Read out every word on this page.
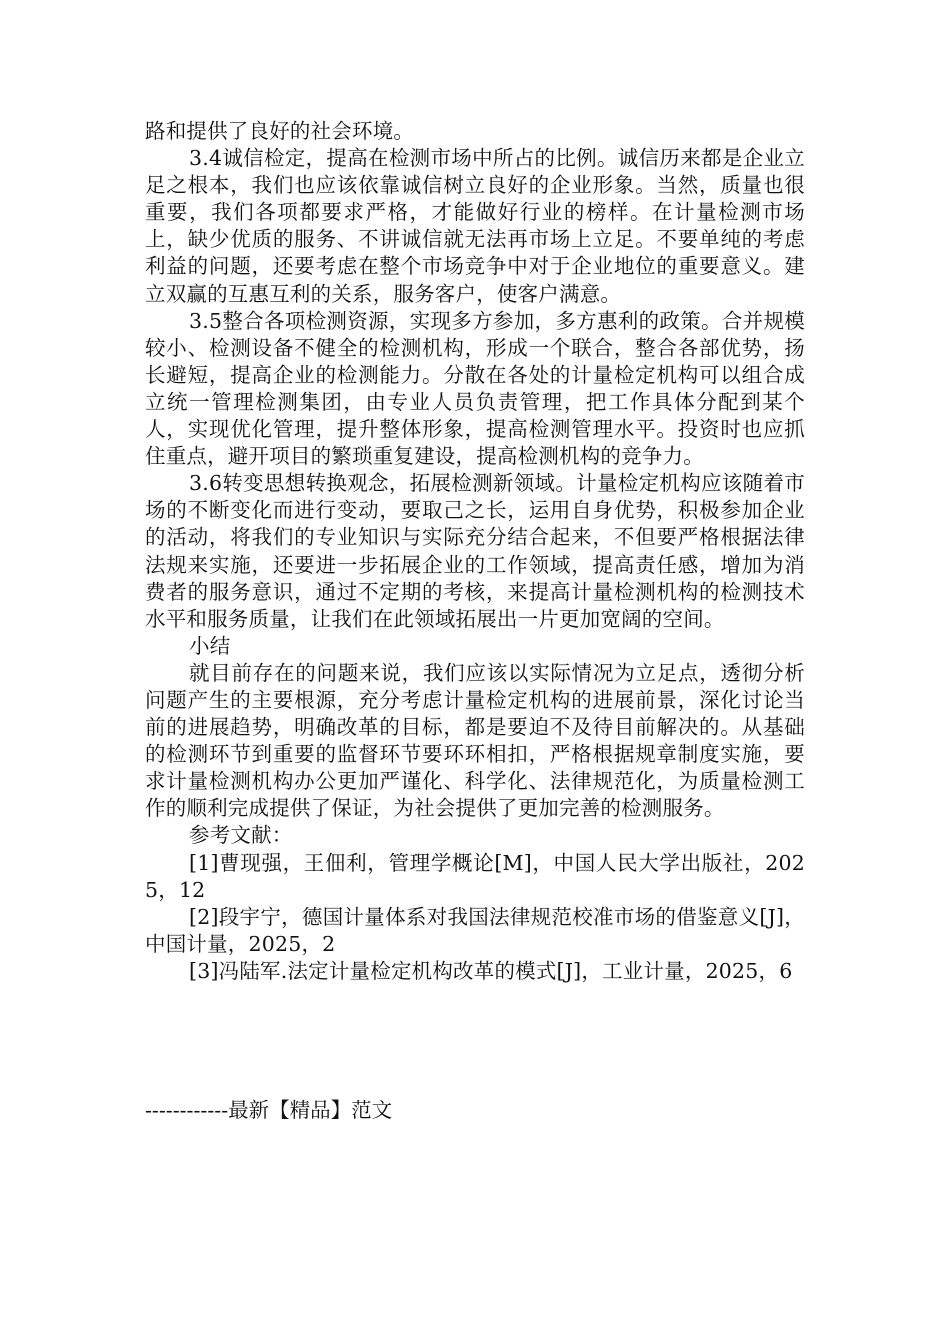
路和提供了良好的社会环境。

3.4诚信检定，提高在检测市场中所占的比例。诚信历来都是企业立足之根本，我们也应该依靠诚信树立良好的企业形象。当然，质量也很重要，我们各项都要求严格，才能做好行业的榜样。在计量检测市场上，缺少优质的服务、不讲诚信就无法再市场上立足。不要单纯的考虑利益的问题，还要考虑在整个市场竞争中对于企业地位的重要意义。建立双赢的互惠互利的关系，服务客户，使客户满意。

3.5整合各项检测资源，实现多方参加，多方惠利的政策。合并规模较小、检测设备不健全的检测机构，形成一个联合，整合各部优势，扬长避短，提高企业的检测能力。分散在各处的计量检定机构可以组合成立统一管理检测集团，由专业人员负责管理，把工作具体分配到某个人，实现优化管理，提升整体形象，提高检测管理水平。投资时也应抓住重点，避开项目的繁琐重复建设，提高检测机构的竞争力。

3.6转变思想转换观念，拓展检测新领域。计量检定机构应该随着市场的不断变化而进行变动，要取己之长，运用自身优势，积极参加企业的活动，将我们的专业知识与实际充分结合起来，不但要严格根据法律法规来实施，还要进一步拓展企业的工作领域，提高责任感，增加为消费者的服务意识，通过不定期的考核，来提高计量检测机构的检测技术水平和服务质量，让我们在此领域拓展出一片更加宽阔的空间。

小结

就目前存在的问题来说，我们应该以实际情况为立足点，透彻分析问题产生的主要根源，充分考虑计量检定机构的进展前景，深化讨论当前的进展趋势，明确改革的目标，都是要迫不及待目前解决的。从基础的检测环节到重要的监督环节要环环相扣，严格根据规章制度实施，要求计量检测机构办公更加严谨化、科学化、法律规范化，为质量检测工作的顺利完成提供了保证，为社会提供了更加完善的检测服务。

参考文献：

[1]曹现强，王佃利，管理学概论[M]，中国人民大学出版社，2025，12

[2]段宇宁，德国计量体系对我国法律规范校准市场的借鉴意义[J]，中国计量，2025，2

[3]冯陆军.法定计量检定机构改革的模式[J]，工业计量，2025，6

------------最新【精品】范文
